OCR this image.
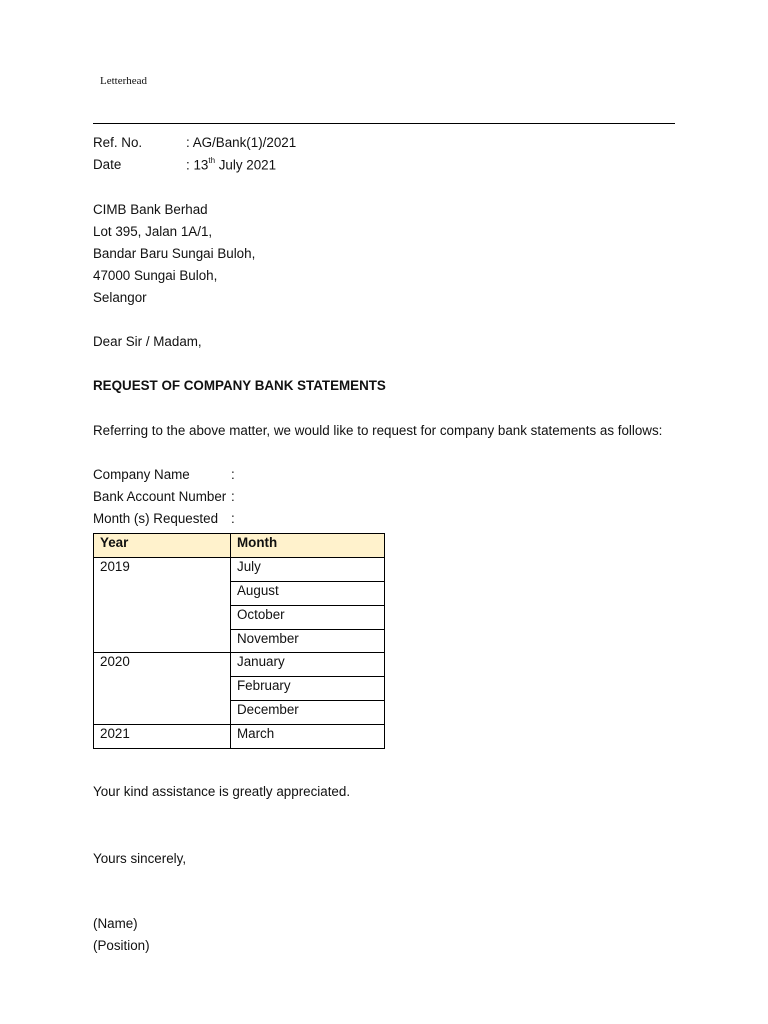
Letterhead
Ref. No.	: AG/Bank(1)/2021
Date	: 13th July 2021
CIMB Bank Berhad
Lot 395, Jalan 1A/1,
Bandar Baru Sungai Buloh,
47000 Sungai Buloh,
Selangor
Dear Sir / Madam,
REQUEST OF COMPANY BANK STATEMENTS
Referring to the above matter, we would like to request for company bank statements as follows:
Company Name	:
Bank Account Number :
Month (s) Requested :
Year	Month
2019	July
	August
	October
	November
2020	January
	February
	December
2021	March
Your kind assistance is greatly appreciated.
Yours sincerely,
(Name)
(Position)
